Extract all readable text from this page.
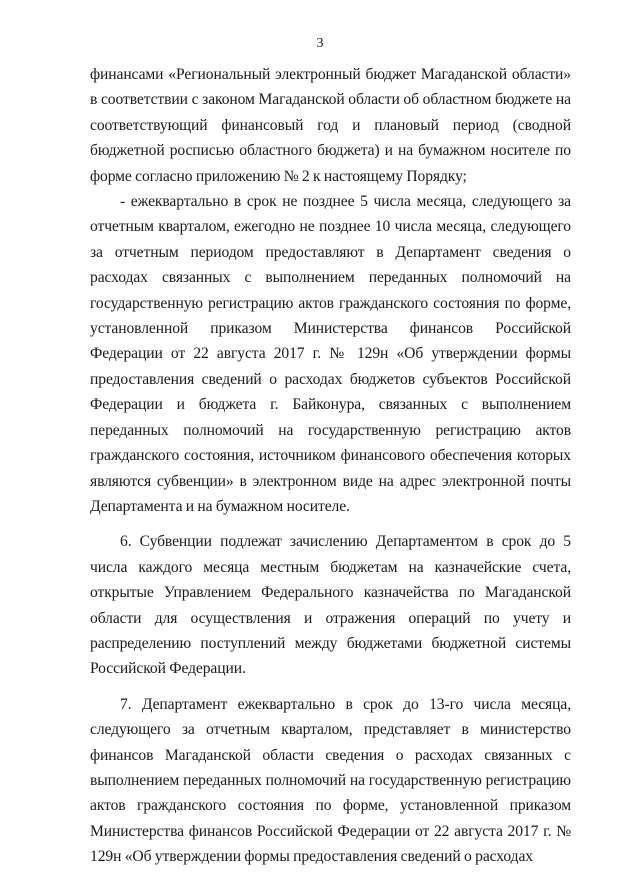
3

финансами «Региональный электронный бюджет Магаданской области» в соответствии с законом Магаданской области об областном бюджете на соответствующий финансовый год и плановый период (сводной бюджетной росписью областного бюджета) и на бумажном носителе по форме согласно приложению № 2 к настоящему Порядку;

- ежеквартально в срок не позднее 5 числа месяца, следующего за отчетным кварталом, ежегодно не позднее 10 числа месяца, следующего за отчетным периодом предоставляют в Департамент сведения о расходах связанных с выполнением переданных полномочий на государственную регистрацию актов гражданского состояния по форме, установленной приказом Министерства финансов Российской Федерации от 22 августа 2017 г. № 129н «Об утверждении формы предоставления сведений о расходах бюджетов субъектов Российской Федерации и бюджета г. Байконура, связанных с выполнением переданных полномочий на государственную регистрацию актов гражданского состояния, источником финансового обеспечения которых являются субвенции» в электронном виде на адрес электронной почты Департамента и на бумажном носителе.

6. Субвенции подлежат зачислению Департаментом в срок до 5 числа каждого месяца местным бюджетам на казначейские счета, открытые Управлением Федерального казначейства по Магаданской области для осуществления и отражения операций по учету и распределению поступлений между бюджетами бюджетной системы Российской Федерации.

7. Департамент ежеквартально в срок до 13-го числа месяца, следующего за отчетным кварталом, представляет в министерство финансов Магаданской области сведения о расходах связанных с выполнением переданных полномочий на государственную регистрацию актов гражданского состояния по форме, установленной приказом Министерства финансов Российской Федерации от 22 августа 2017 г. № 129н «Об утверждении формы предоставления сведений о расходах
